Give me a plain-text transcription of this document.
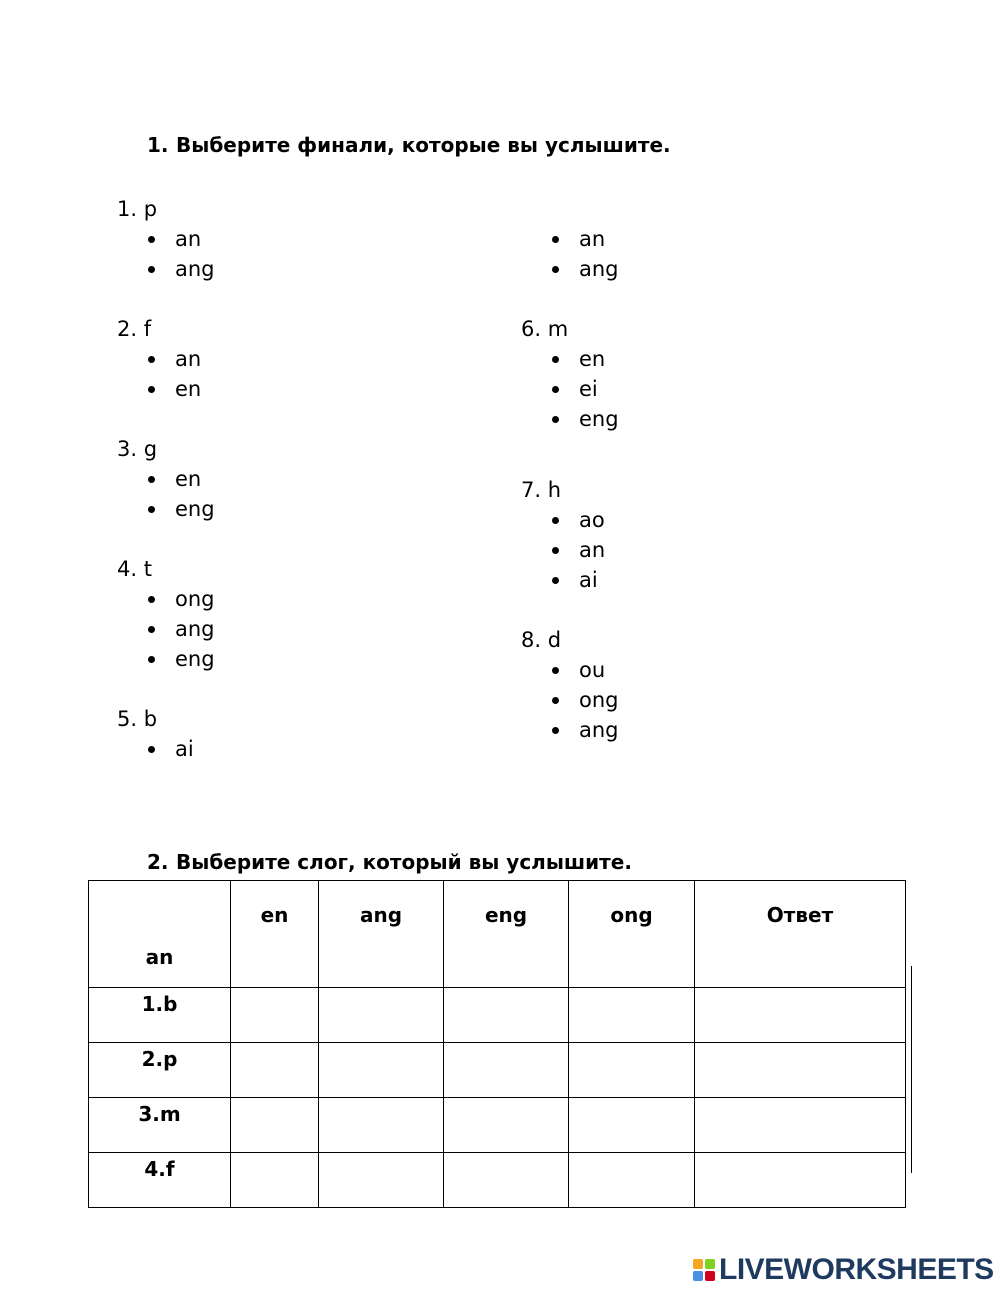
1. Выберите финали, которые вы услышите.
1. p
an
ang
2. f
an
en
3. g
en
eng
4. t
ong
ang
eng
5. b
ai
an
ang
6. m
en
ei
eng
7. h
ao
an
ai
8. d
ou
ong
ang
2. Выберите слог, который вы услышите.
an	en	ang	eng	ong	Ответ
1.b					
2.p					
3.m					
4.f					
LIVEWORKSHEETS
